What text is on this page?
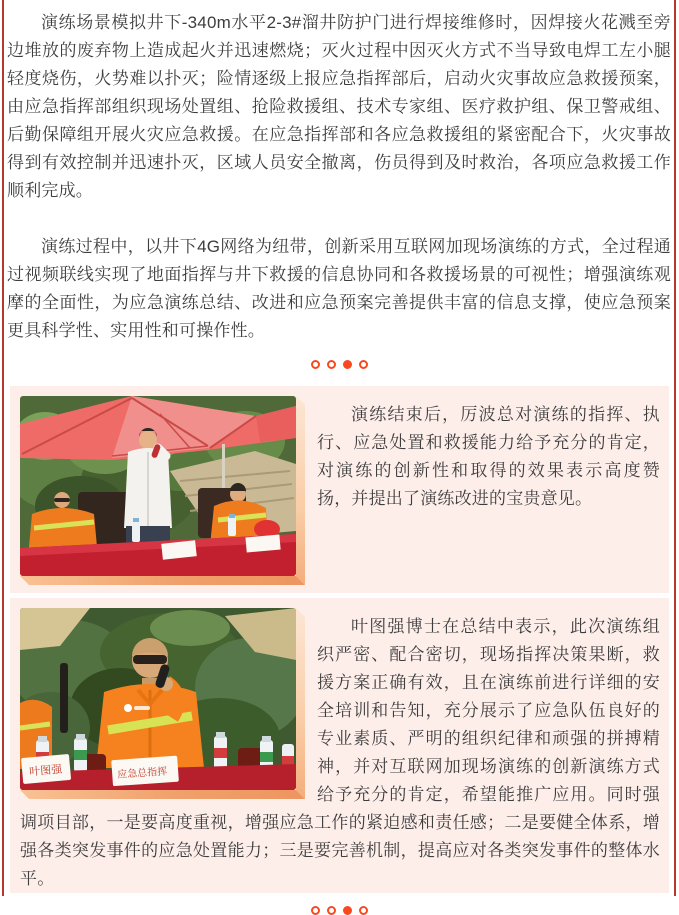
演练场景模拟井下-340m水平2-3#溜井防护门进行焊接维修时，因焊接火花溅至旁边堆放的废弃物上造成起火并迅速燃烧；灭火过程中因灭火方式不当导致电焊工左小腿轻度烧伤，火势难以扑灭；险情逐级上报应急指挥部后，启动火灾事故应急救援预案，由应急指挥部组织现场处置组、抢险救援组、技术专家组、医疗救护组、保卫警戒组、后勤保障组开展火灾应急救援。在应急指挥部和各应急救援组的紧密配合下，火灾事故得到有效控制并迅速扑灭，区域人员安全撤离，伤员得到及时救治，各项应急救援工作顺利完成。

演练过程中，以井下4G网络为纽带，创新采用互联网加现场演练的方式，全过程通过视频联线实现了地面指挥与井下救援的信息协同和各救援场景的可视性；增强演练观摩的全面性，为应急演练总结、改进和应急预案完善提供丰富的信息支撑，使应急预案更具科学性、实用性和可操作性。

演练结束后，厉波总对演练的指挥、执行、应急处置和救援能力给予充分的肯定，对演练的创新性和取得的效果表示高度赞扬，并提出了演练改进的宝贵意见。

叶图强	应急总指挥

叶图强博士在总结中表示，此次演练组织严密、配合密切，现场指挥决策果断，救援方案正确有效，且在演练前进行详细的安全培训和告知，充分展示了应急队伍良好的专业素质、严明的组织纪律和顽强的拼搏精神，并对互联网加现场演练的创新演练方式给予充分的肯定，希望能推广应用。同时强调项目部，一是要高度重视，增强应急工作的紧迫感和责任感；二是要健全体系，增强各类突发事件的应急处置能力；三是要完善机制，提高应对各类突发事件的整体水平。
